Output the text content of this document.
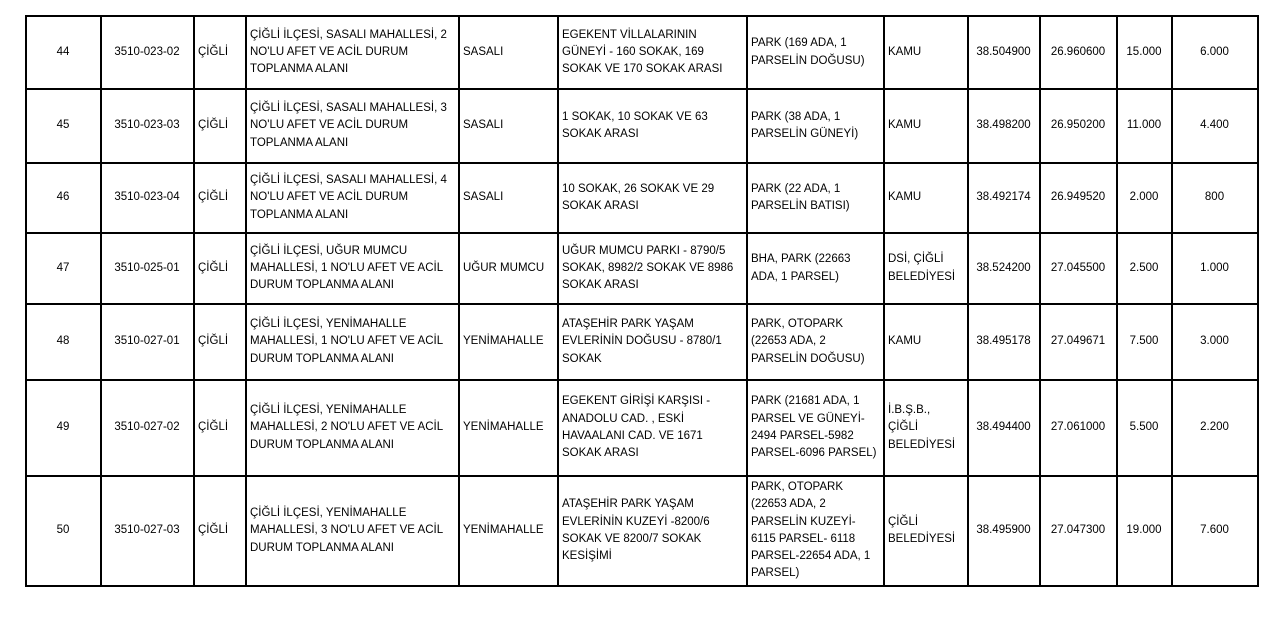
44	3510-023-02	ÇİĞLİ	ÇİĞLİ İLÇESİ, SASALI MAHALLESİ, 2 NO'LU AFET VE ACİL DURUM TOPLANMA ALANI	SASALI	EGEKENT VİLLALARININ GÜNEYİ - 160 SOKAK, 169 SOKAK VE 170 SOKAK ARASI	PARK (169 ADA, 1 PARSELİN DOĞUSU)	KAMU	38.504900	26.960600	15.000	6.000
45	3510-023-03	ÇİĞLİ	ÇİĞLİ İLÇESİ, SASALI MAHALLESİ, 3 NO'LU AFET VE ACİL DURUM TOPLANMA ALANI	SASALI	1 SOKAK, 10 SOKAK VE 63 SOKAK ARASI	PARK (38 ADA, 1 PARSELİN GÜNEYİ)	KAMU	38.498200	26.950200	11.000	4.400
46	3510-023-04	ÇİĞLİ	ÇİĞLİ İLÇESİ, SASALI MAHALLESİ, 4 NO'LU AFET VE ACİL DURUM TOPLANMA ALANI	SASALI	10 SOKAK, 26 SOKAK VE 29 SOKAK ARASI	PARK (22 ADA, 1 PARSELİN BATISI)	KAMU	38.492174	26.949520	2.000	800
47	3510-025-01	ÇİĞLİ	ÇİĞLİ İLÇESİ, UĞUR MUMCU MAHALLESİ, 1 NO'LU AFET VE ACİL DURUM TOPLANMA ALANI	UĞUR MUMCU	UĞUR MUMCU PARKI - 8790/5 SOKAK, 8982/2 SOKAK VE 8986 SOKAK ARASI	BHA, PARK (22663 ADA, 1 PARSEL)	DSİ, ÇİĞLİ BELEDİYESİ	38.524200	27.045500	2.500	1.000
48	3510-027-01	ÇİĞLİ	ÇİĞLİ İLÇESİ, YENİMAHALLE MAHALLESİ, 1 NO'LU AFET VE ACİL DURUM TOPLANMA ALANI	YENİMAHALLE	ATAŞEHİR PARK YAŞAM EVLERİNİN DOĞUSU - 8780/1 SOKAK	PARK, OTOPARK (22653 ADA, 2 PARSELİN DOĞUSU)	KAMU	38.495178	27.049671	7.500	3.000
49	3510-027-02	ÇİĞLİ	ÇİĞLİ İLÇESİ, YENİMAHALLE MAHALLESİ, 2 NO'LU AFET VE ACİL DURUM TOPLANMA ALANI	YENİMAHALLE	EGEKENT GİRİŞİ KARŞISI - ANADOLU CAD. , ESKİ HAVAALANI CAD. VE 1671 SOKAK ARASI	PARK (21681 ADA, 1 PARSEL VE GÜNEYİ- 2494 PARSEL-5982 PARSEL-6096 PARSEL)	İ.B.Ş.B., ÇİĞLİ BELEDİYESİ	38.494400	27.061000	5.500	2.200
50	3510-027-03	ÇİĞLİ	ÇİĞLİ İLÇESİ, YENİMAHALLE MAHALLESİ, 3 NO'LU AFET VE ACİL DURUM TOPLANMA ALANI	YENİMAHALLE	ATAŞEHİR PARK YAŞAM EVLERİNİN KUZEYİ -8200/6 SOKAK VE 8200/7 SOKAK KESİŞİMİ	PARK, OTOPARK (22653 ADA, 2 PARSELİN KUZEYİ- 6115 PARSEL- 6118 PARSEL-22654 ADA, 1 PARSEL)	ÇİĞLİ BELEDİYESİ	38.495900	27.047300	19.000	7.600
